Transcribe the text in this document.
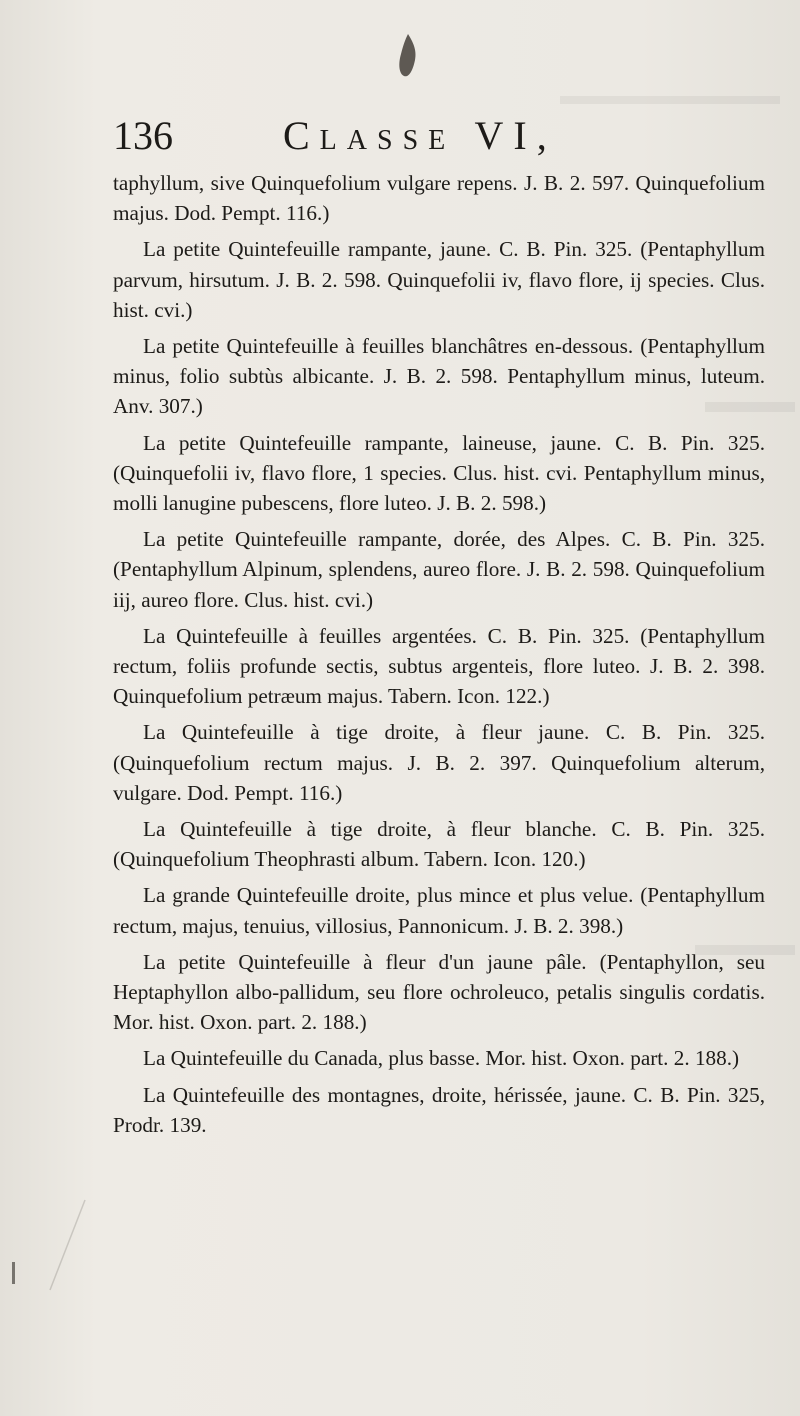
136	Classe VI,

taphyllum, sive Quinquefolium vulgare repens. J. B. 2. 597. Quinquefolium majus. Dod. Pempt. 116.)

La petite Quintefeuille rampante, jaune. C. B. Pin. 325. (Pentaphyllum parvum, hirsutum. J. B. 2. 598. Quinquefolii iv, flavo flore, ij species. Clus. hist. cvi.)

La petite Quintefeuille à feuilles blanchâtres en-dessous. (Pentaphyllum minus, folio subtùs albicante. J. B. 2. 598. Pentaphyllum minus, luteum. Anv. 307.)

La petite Quintefeuille rampante, laineuse, jaune. C. B. Pin. 325. (Quinquefolii iv, flavo flore, 1 species. Clus. hist. cvi. Pentaphyllum minus, molli lanugine pubescens, flore luteo. J. B. 2. 598.)

La petite Quintefeuille rampante, dorée, des Alpes. C. B. Pin. 325. (Pentaphyllum Alpinum, splendens, aureo flore. J. B. 2. 598. Quinquefolium iij, aureo flore. Clus. hist. cvi.)

La Quintefeuille à feuilles argentées. C. B. Pin. 325. (Pentaphyllum rectum, foliis profunde sectis, subtus argenteis, flore luteo. J. B. 2. 398. Quinquefolium petræum majus. Tabern. Icon. 122.)

La Quintefeuille à tige droite, à fleur jaune. C. B. Pin. 325. (Quinquefolium rectum majus. J. B. 2. 397. Quinquefolium alterum, vulgare. Dod. Pempt. 116.)

La Quintefeuille à tige droite, à fleur blanche. C. B. Pin. 325. (Quinquefolium Theophrasti album. Tabern. Icon. 120.)

La grande Quintefeuille droite, plus mince et plus velue. (Pentaphyllum rectum, majus, tenuius, villosius, Pannonicum. J. B. 2. 398.)

La petite Quintefeuille à fleur d'un jaune pâle. (Pentaphyllon, seu Heptaphyllon albo-pallidum, seu flore ochroleuco, petalis singulis cordatis. Mor. hist. Oxon. part. 2. 188.)

La Quintefeuille du Canada, plus basse. Mor. hist. Oxon. part. 2. 188.)

La Quintefeuille des montagnes, droite, hérissée, jaune. C. B. Pin. 325, Prodr. 139.
